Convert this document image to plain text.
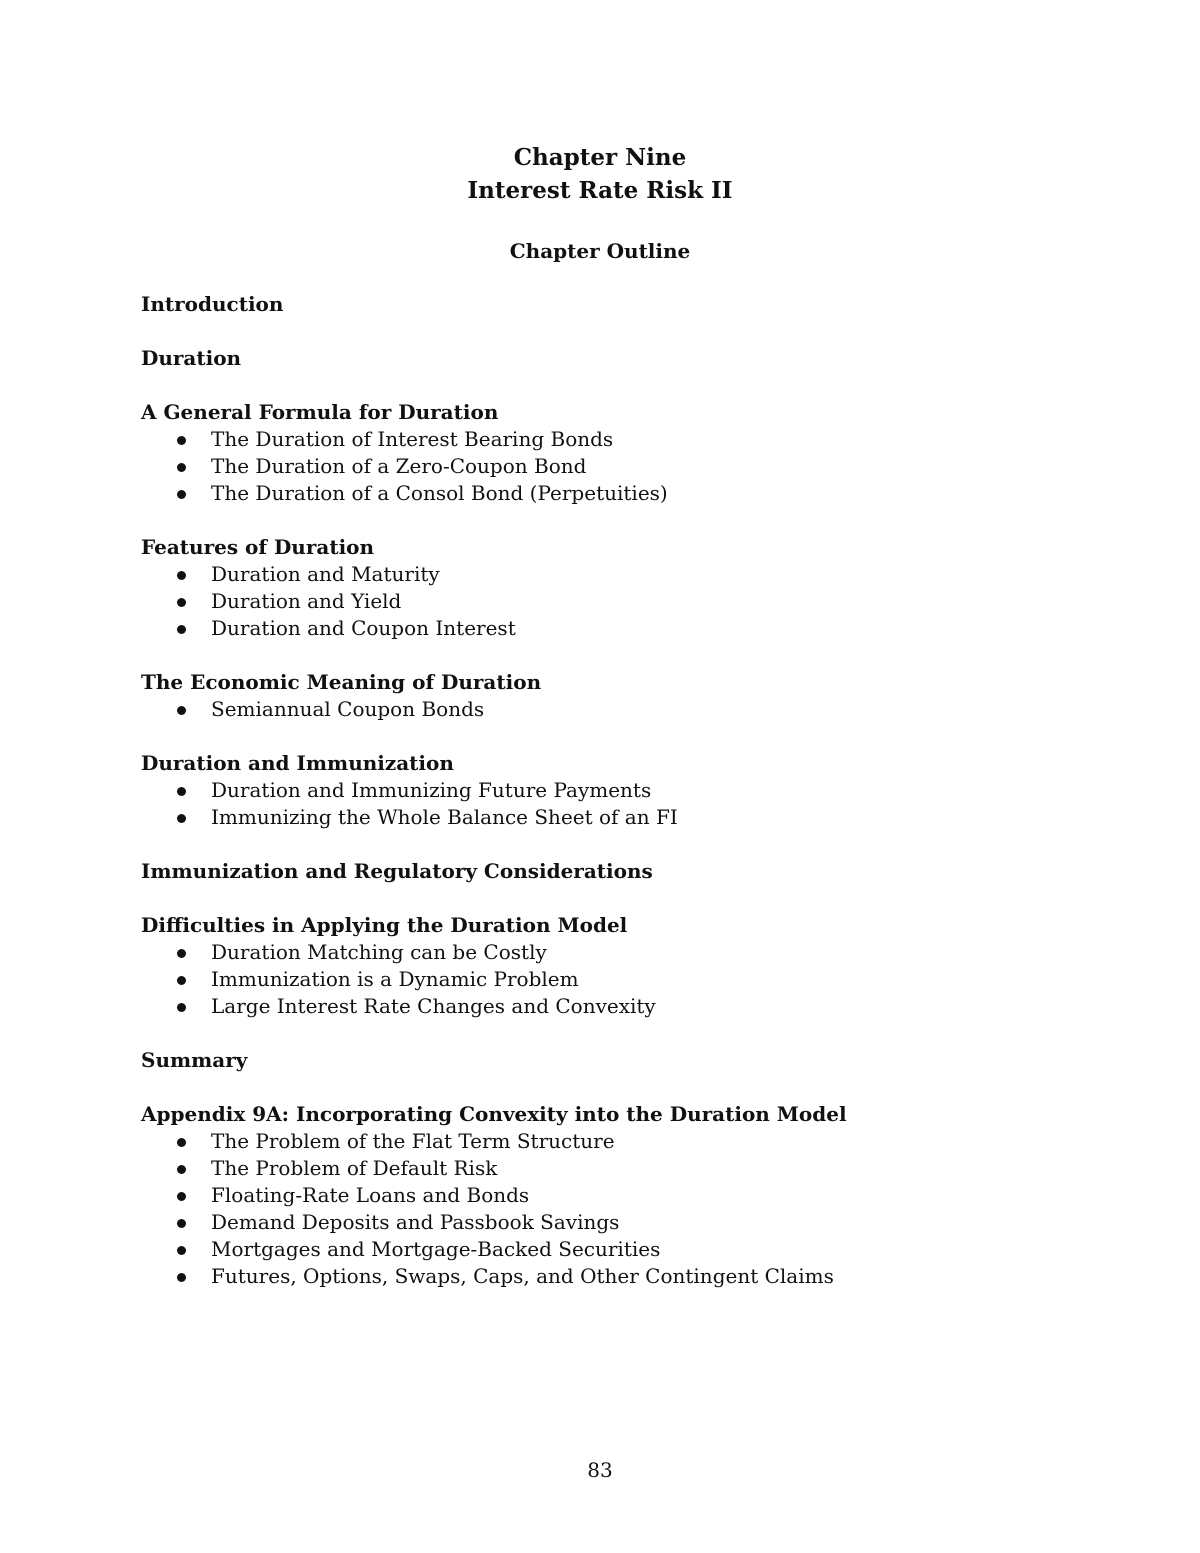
Chapter Nine
Interest Rate Risk II
Chapter Outline
Introduction
Duration
A General Formula for Duration
The Duration of Interest Bearing Bonds
The Duration of a Zero-Coupon Bond
The Duration of a Consol Bond (Perpetuities)
Features of Duration
Duration and Maturity
Duration and Yield
Duration and Coupon Interest
The Economic Meaning of Duration
Semiannual Coupon Bonds
Duration and Immunization
Duration and Immunizing Future Payments
Immunizing the Whole Balance Sheet of an FI
Immunization and Regulatory Considerations
Difficulties in Applying the Duration Model
Duration Matching can be Costly
Immunization is a Dynamic Problem
Large Interest Rate Changes and Convexity
Summary
Appendix 9A: Incorporating Convexity into the Duration Model
The Problem of the Flat Term Structure
The Problem of Default Risk
Floating-Rate Loans and Bonds
Demand Deposits and Passbook Savings
Mortgages and Mortgage-Backed Securities
Futures, Options, Swaps, Caps, and Other Contingent Claims
83
